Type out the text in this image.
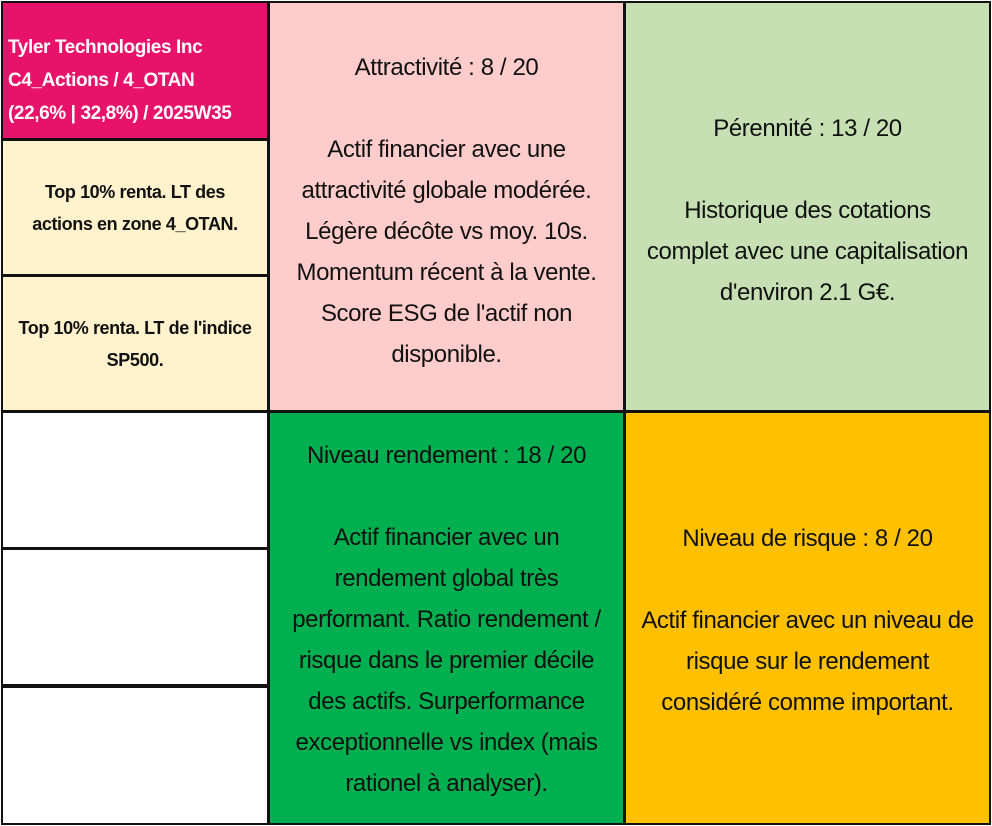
Tyler Technologies Inc
C4_Actions / 4_OTAN
(22,6% | 32,8%) / 2025W35
Top 10% renta. LT des
actions en zone 4_OTAN.
Top 10% renta. LT de l'indice
SP500.
Attractivité : 8 / 20
Actif financier avec une
attractivité globale modérée.
Légère décôte vs moy. 10s.
Momentum récent à la vente.
Score ESG de l'actif non
disponible.
Pérennité : 13 / 20
Historique des cotations
complet avec une capitalisation
d'environ 2.1 G€.
Niveau rendement : 18 / 20
Actif financier avec un
rendement global très
performant. Ratio rendement /
risque dans le premier décile
des actifs. Surperformance
exceptionnelle vs index (mais
rationel à analyser).
Niveau de risque : 8 / 20
Actif financier avec un niveau de
risque sur le rendement
considéré comme important.
